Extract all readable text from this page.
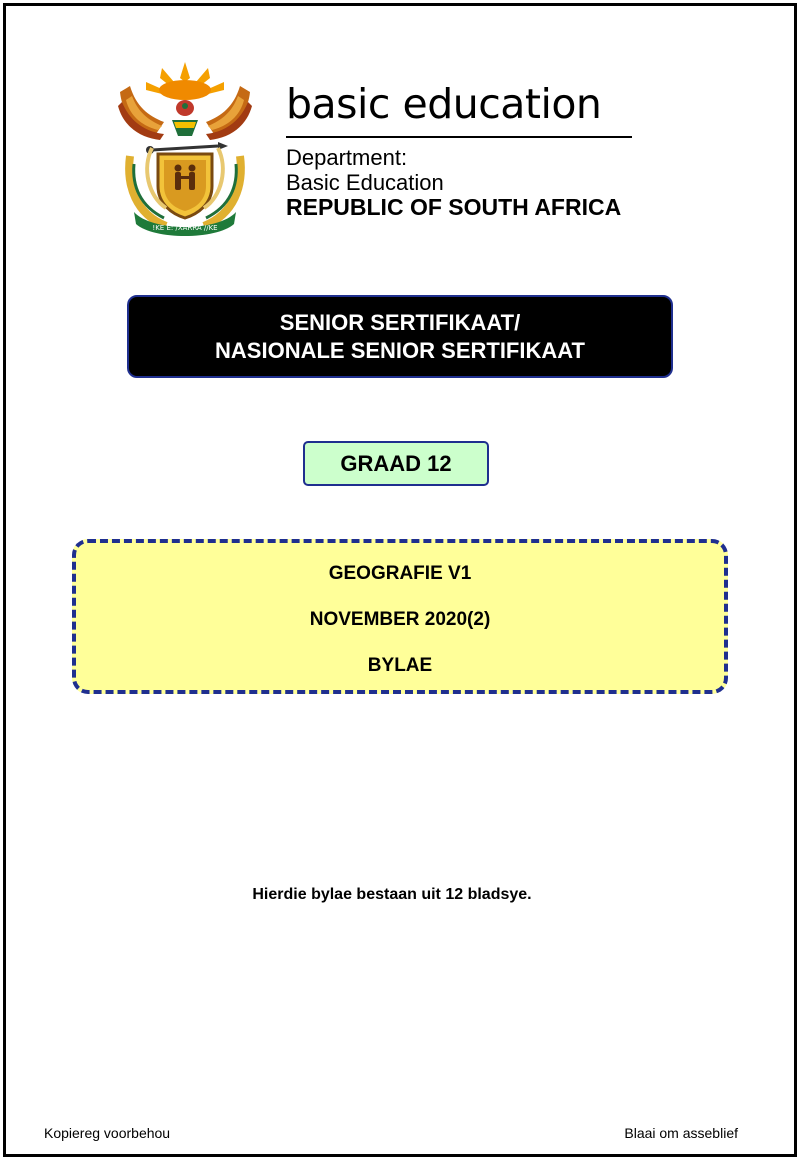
!KE E: /XARRA //KE
basic education
Department:
Basic Education
REPUBLIC OF SOUTH AFRICA
SENIOR SERTIFIKAAT/
NASIONALE SENIOR SERTIFIKAAT
GRAAD 12
GEOGRAFIE V1
NOVEMBER 2020(2)
BYLAE
Hierdie bylae bestaan uit 12 bladsye.
Kopiereg voorbehou	Blaai om asseblief
